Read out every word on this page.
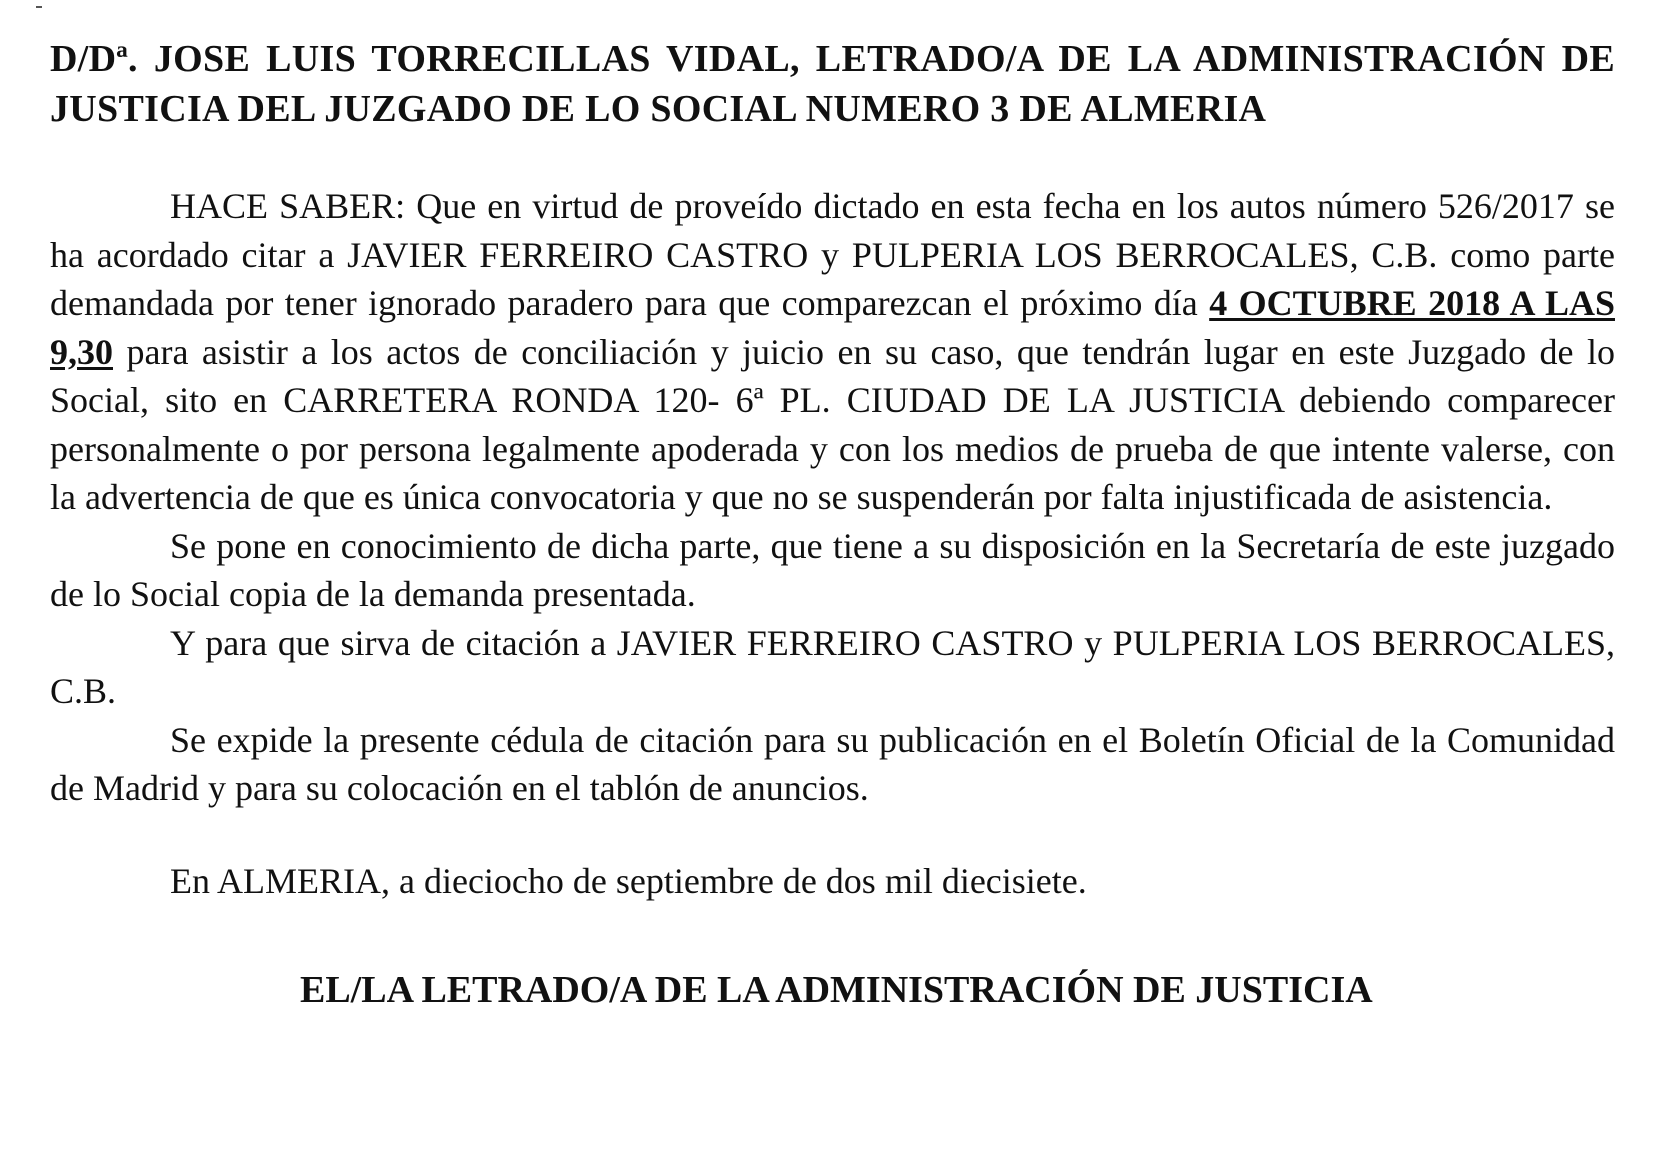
D/Dª. JOSE LUIS TORRECILLAS VIDAL, LETRADO/A DE LA ADMINISTRACIÓN DE JUSTICIA DEL JUZGADO DE LO SOCIAL NUMERO 3 DE ALMERIA

HACE SABER: Que en virtud de proveído dictado en esta fecha en los autos número 526/2017 se ha acordado citar a JAVIER FERREIRO CASTRO y PULPERIA LOS BERROCALES, C.B. como parte demandada por tener ignorado paradero para que comparezcan el próximo día 4 OCTUBRE 2018 A LAS 9,30 para asistir a los actos de conciliación y juicio en su caso, que tendrán lugar en este Juzgado de lo Social, sito en CARRETERA RONDA 120- 6ª PL. CIUDAD DE LA JUSTICIA debiendo comparecer personalmente o por persona legalmente apoderada y con los medios de prueba de que intente valerse, con la advertencia de que es única convocatoria y que no se suspenderán por falta injustificada de asistencia.

Se pone en conocimiento de dicha parte, que tiene a su disposición en la Secretaría de este juzgado de lo Social copia de la demanda presentada.

Y para que sirva de citación a JAVIER FERREIRO CASTRO y PULPERIA LOS BERROCALES, C.B.

Se expide la presente cédula de citación para su publicación en el Boletín Oficial de la Comunidad de Madrid y para su colocación en el tablón de anuncios.

En ALMERIA, a dieciocho de septiembre de dos mil diecisiete.

EL/LA LETRADO/A DE LA ADMINISTRACIÓN DE JUSTICIA
